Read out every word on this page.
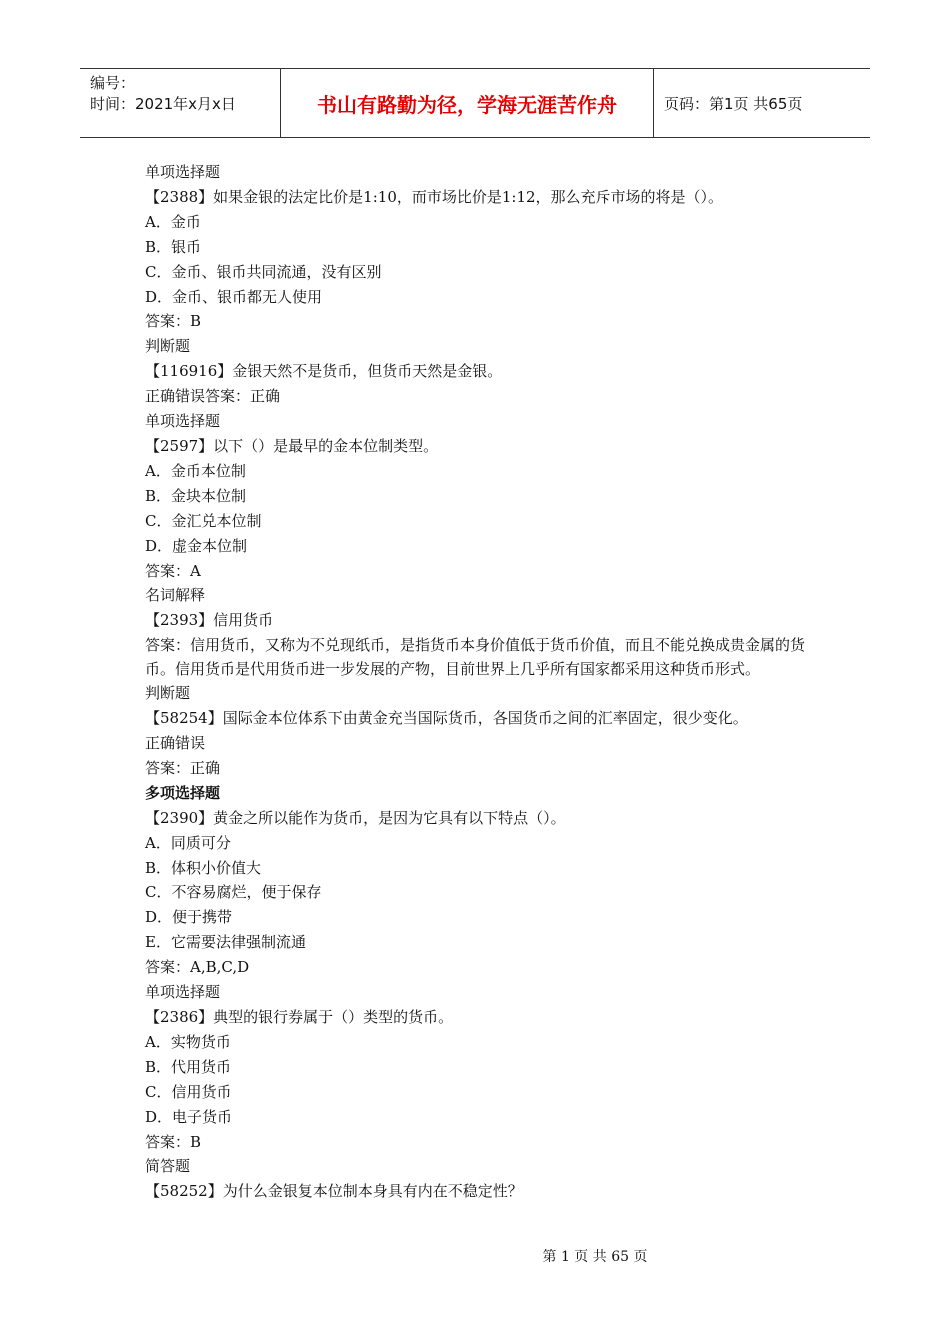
编号：
时间：2021年x月x日	书山有路勤为径，学海无涯苦作舟	页码：第1页 共65页
单项选择题
【2388】如果金银的法定比价是1:10，而市场比价是1:12，那么充斥市场的将是（）。
A．金币
B．银币
C．金币、银币共同流通，没有区别
D．金币、银币都无人使用
答案：B
判断题
【116916】金银天然不是货币，但货币天然是金银。
正确错误答案：正确
单项选择题
【2597】以下（）是最早的金本位制类型。
A．金币本位制
B．金块本位制
C．金汇兑本位制
D．虚金本位制
答案：A
名词解释
【2393】信用货币
答案：信用货币，又称为不兑现纸币，是指货币本身价值低于货币价值，而且不能兑换成贵金属的货币。信用货币是代用货币进一步发展的产物，目前世界上几乎所有国家都采用这种货币形式。
判断题
【58254】国际金本位体系下由黄金充当国际货币，各国货币之间的汇率固定，很少变化。
正确错误
答案：正确
多项选择题
【2390】黄金之所以能作为货币，是因为它具有以下特点（）。
A．同质可分
B．体积小价值大
C．不容易腐烂，便于保存
D．便于携带
E．它需要法律强制流通
答案：A,B,C,D
单项选择题
【2386】典型的银行券属于（）类型的货币。
A．实物货币
B．代用货币
C．信用货币
D．电子货币
答案：B
简答题
【58252】为什么金银复本位制本身具有内在不稳定性？
第 1 页 共 65 页
